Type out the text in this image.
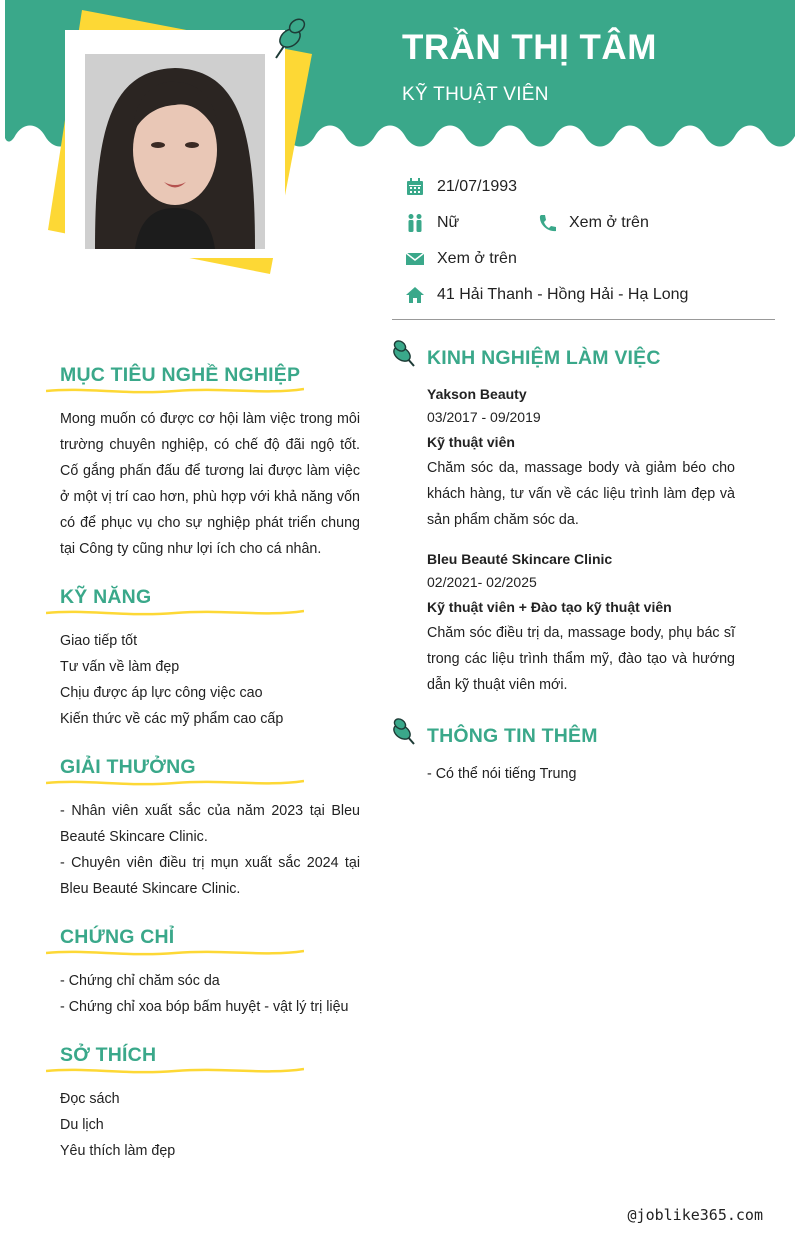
TRẦN THỊ TÂM
KỸ THUẬT VIÊN
21/07/1993
Nữ	Xem ở trên
Xem ở trên
41 Hải Thanh - Hồng Hải - Hạ Long
MỤC TIÊU NGHỀ NGHIỆP
Mong muốn có được cơ hội làm việc trong môi trường chuyên nghiệp, có chế độ đãi ngộ tốt. Cố gắng phấn đấu để tương lai được làm việc ở một vị trí cao hơn, phù hợp với khả năng vốn có để phục vụ cho sự nghiệp phát triển chung tại Công ty cũng như lợi ích cho cá nhân.
KỸ NĂNG
Giao tiếp tốt
Tư vấn về làm đẹp
Chịu được áp lực công việc cao
Kiến thức về các mỹ phẩm cao cấp
GIẢI THƯỞNG
- Nhân viên xuất sắc của năm 2023 tại Bleu Beauté Skincare Clinic.
- Chuyên viên điều trị mụn xuất sắc 2024 tại Bleu Beauté Skincare Clinic.
CHỨNG CHỈ
- Chứng chỉ chăm sóc da
- Chứng chỉ xoa bóp bấm huyệt - vật lý trị liệu
SỞ THÍCH
Đọc sách
Du lịch
Yêu thích làm đẹp
KINH NGHIỆM LÀM VIỆC
Yakson Beauty
03/2017 - 09/2019
Kỹ thuật viên
Chăm sóc da, massage body và giảm béo cho khách hàng, tư vấn về các liệu trình làm đẹp và sản phẩm chăm sóc da.
Bleu Beauté Skincare Clinic
02/2021- 02/2025
Kỹ thuật viên + Đào tạo kỹ thuật viên
Chăm sóc điều trị da, massage body, phụ bác sĩ trong các liệu trình thẩm mỹ, đào tạo và hướng dẫn kỹ thuật viên mới.
THÔNG TIN THÊM
- Có thể nói tiếng Trung
@joblike365.com
